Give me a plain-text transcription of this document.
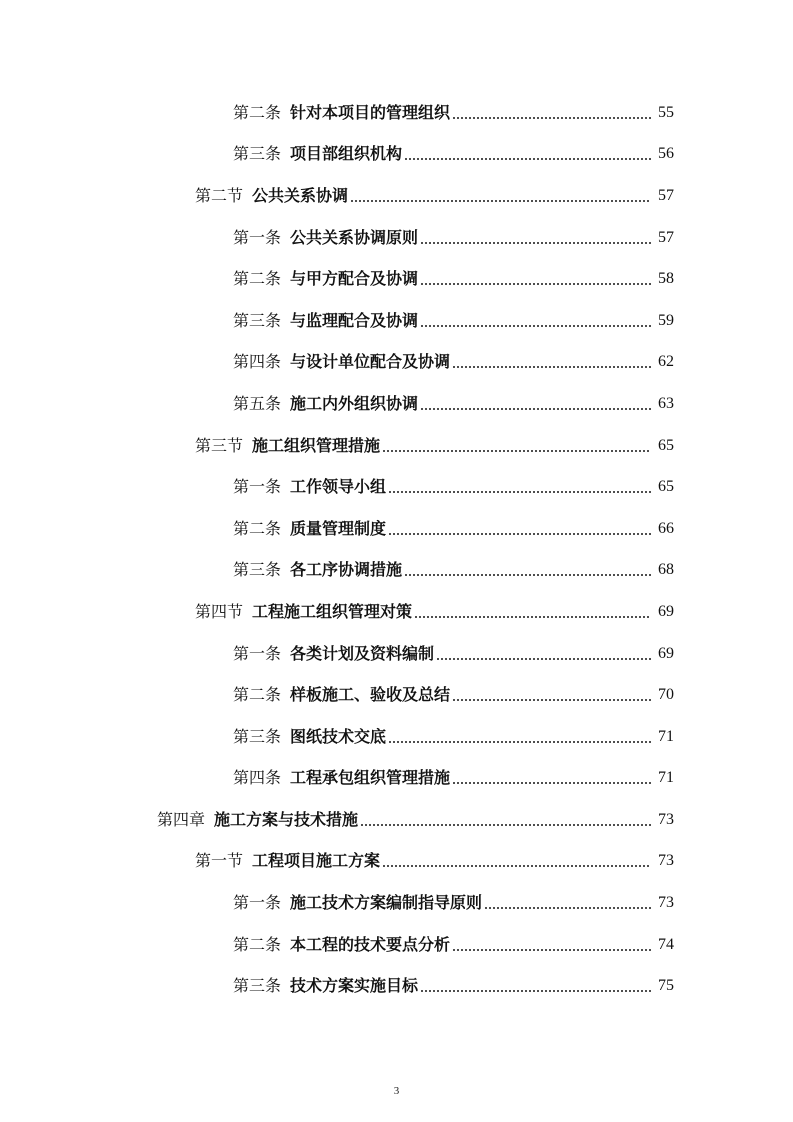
第二条 针对本项目的管理组织	55
第三条 项目部组织机构	56
第二节 公共关系协调	57
第一条 公共关系协调原则	57
第二条 与甲方配合及协调	58
第三条 与监理配合及协调	59
第四条 与设计单位配合及协调	62
第五条 施工内外组织协调	63
第三节 施工组织管理措施	65
第一条 工作领导小组	65
第二条 质量管理制度	66
第三条 各工序协调措施	68
第四节 工程施工组织管理对策	69
第一条 各类计划及资料编制	69
第二条 样板施工、验收及总结	70
第三条 图纸技术交底	71
第四条 工程承包组织管理措施	71
第四章 施工方案与技术措施	73
第一节 工程项目施工方案	73
第一条 施工技术方案编制指导原则	73
第二条 本工程的技术要点分析	74
第三条 技术方案实施目标	75
3
